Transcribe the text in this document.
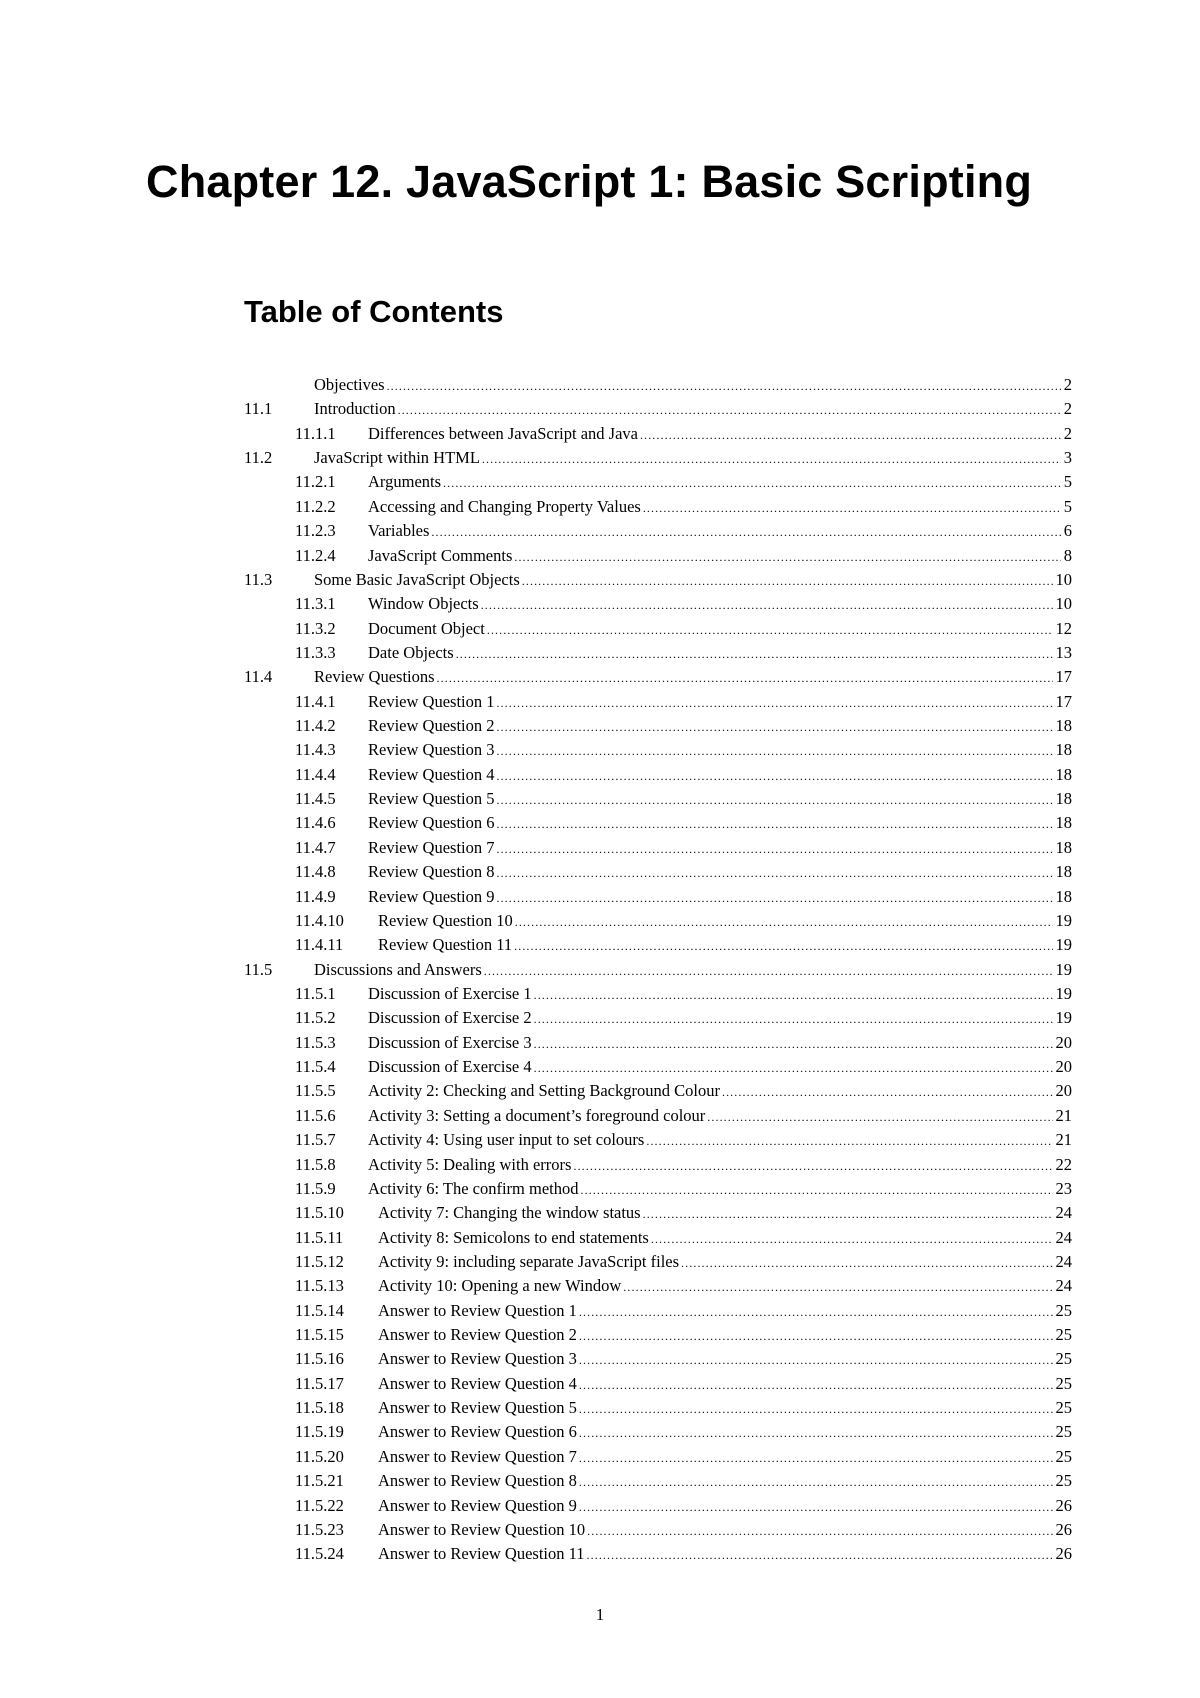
Chapter 12. JavaScript 1: Basic Scripting
Table of Contents
Objectives .....	2
11.1	Introduction .....	2
11.1.1	Differences between JavaScript and Java .....	2
11.2	JavaScript within HTML .....	3
11.2.1	Arguments .....	5
11.2.2	Accessing and Changing Property Values .....	5
11.2.3	Variables .....	6
11.2.4	JavaScript Comments .....	8
11.3	Some Basic JavaScript Objects .....	10
11.3.1	Window Objects .....	10
11.3.2	Document Object .....	12
11.3.3	Date Objects .....	13
11.4	Review Questions .....	17
11.4.1	Review Question 1 .....	17
11.4.2	Review Question 2 .....	18
11.4.3	Review Question 3 .....	18
11.4.4	Review Question 4 .....	18
11.4.5	Review Question 5 .....	18
11.4.6	Review Question 6 .....	18
11.4.7	Review Question 7 .....	18
11.4.8	Review Question 8 .....	18
11.4.9	Review Question 9 .....	18
11.4.10	Review Question 10 .....	19
11.4.11	Review Question 11 .....	19
11.5	Discussions and Answers .....	19
11.5.1	Discussion of Exercise 1 .....	19
11.5.2	Discussion of Exercise 2 .....	19
11.5.3	Discussion of Exercise 3 .....	20
11.5.4	Discussion of Exercise 4 .....	20
11.5.5	Activity 2: Checking and Setting Background Colour .....	20
11.5.6	Activity 3: Setting a document’s foreground colour .....	21
11.5.7	Activity 4: Using user input to set colours .....	21
11.5.8	Activity 5: Dealing with errors .....	22
11.5.9	Activity 6: The confirm method .....	23
11.5.10	Activity 7: Changing the window status .....	24
11.5.11	Activity 8: Semicolons to end statements .....	24
11.5.12	Activity 9: including separate JavaScript files .....	24
11.5.13	Activity 10: Opening a new Window .....	24
11.5.14	Answer to Review Question 1 .....	25
11.5.15	Answer to Review Question 2 .....	25
11.5.16	Answer to Review Question 3 .....	25
11.5.17	Answer to Review Question 4 .....	25
11.5.18	Answer to Review Question 5 .....	25
11.5.19	Answer to Review Question 6 .....	25
11.5.20	Answer to Review Question 7 .....	25
11.5.21	Answer to Review Question 8 .....	25
11.5.22	Answer to Review Question 9 .....	26
11.5.23	Answer to Review Question 10 .....	26
11.5.24	Answer to Review Question 11 .....	26
1
